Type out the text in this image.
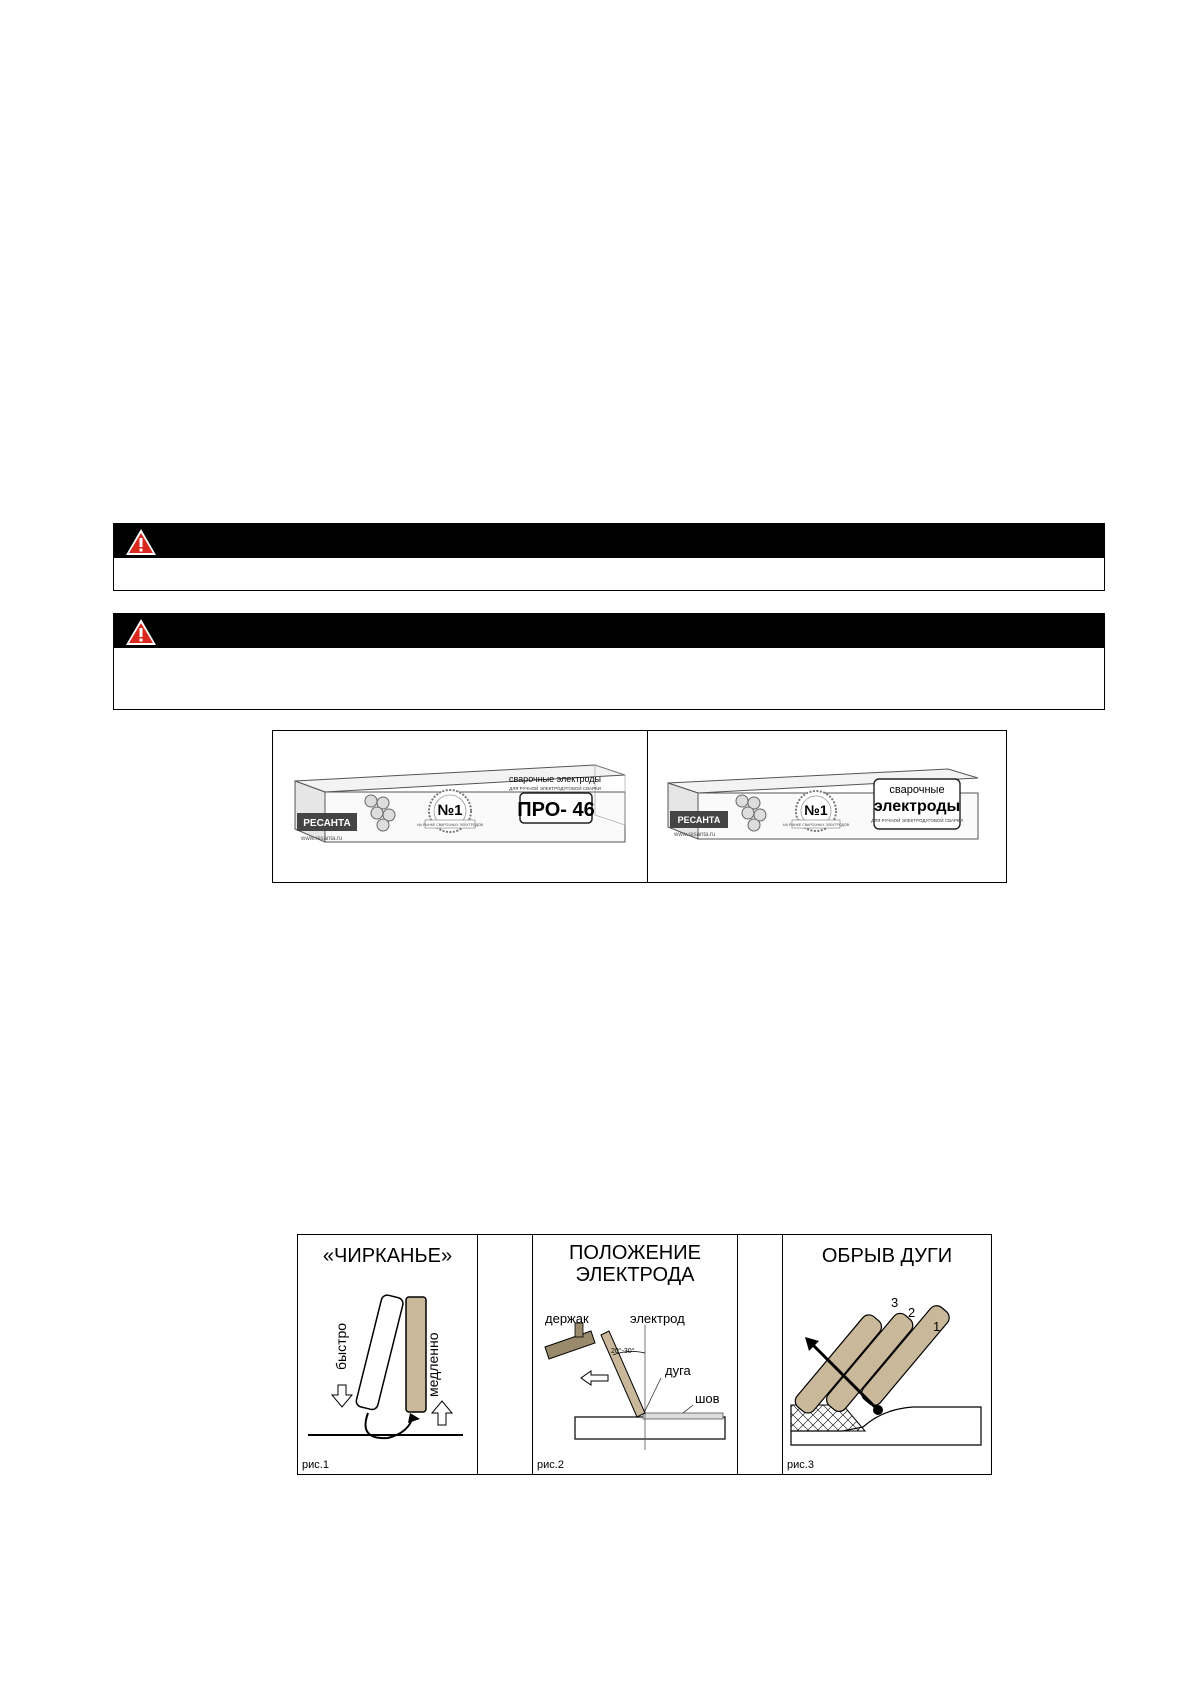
РЕСАНТА
www.resanta.ru
№1
НА РЫНКЕ СВАРОЧНЫХ ЭЛЕКТРОДОВ
сварочные электроды
ДЛЯ РУЧНОЙ ЭЛЕКТРОДУГОВОЙ СВАРКИ
ПРО- 46	РЕСАНТА
www.resanta.ru
№1
НА РЫНКЕ СВАРОЧНЫХ ЭЛЕКТРОДОВ
сварочные
электроды
ДЛЯ РУЧНОЙ ЭЛЕКТРОДУГОВОЙ СВАРКИ
«ЧИРКАНЬЕ»
быстро	медленно
рис.1
ПОЛОЖЕНИЕ
ЭЛЕКТРОДА
20°-30°
держак	электрод
дуга
шов
рис.2
ОБРЫВ ДУГИ
1
2
3
рис.3
